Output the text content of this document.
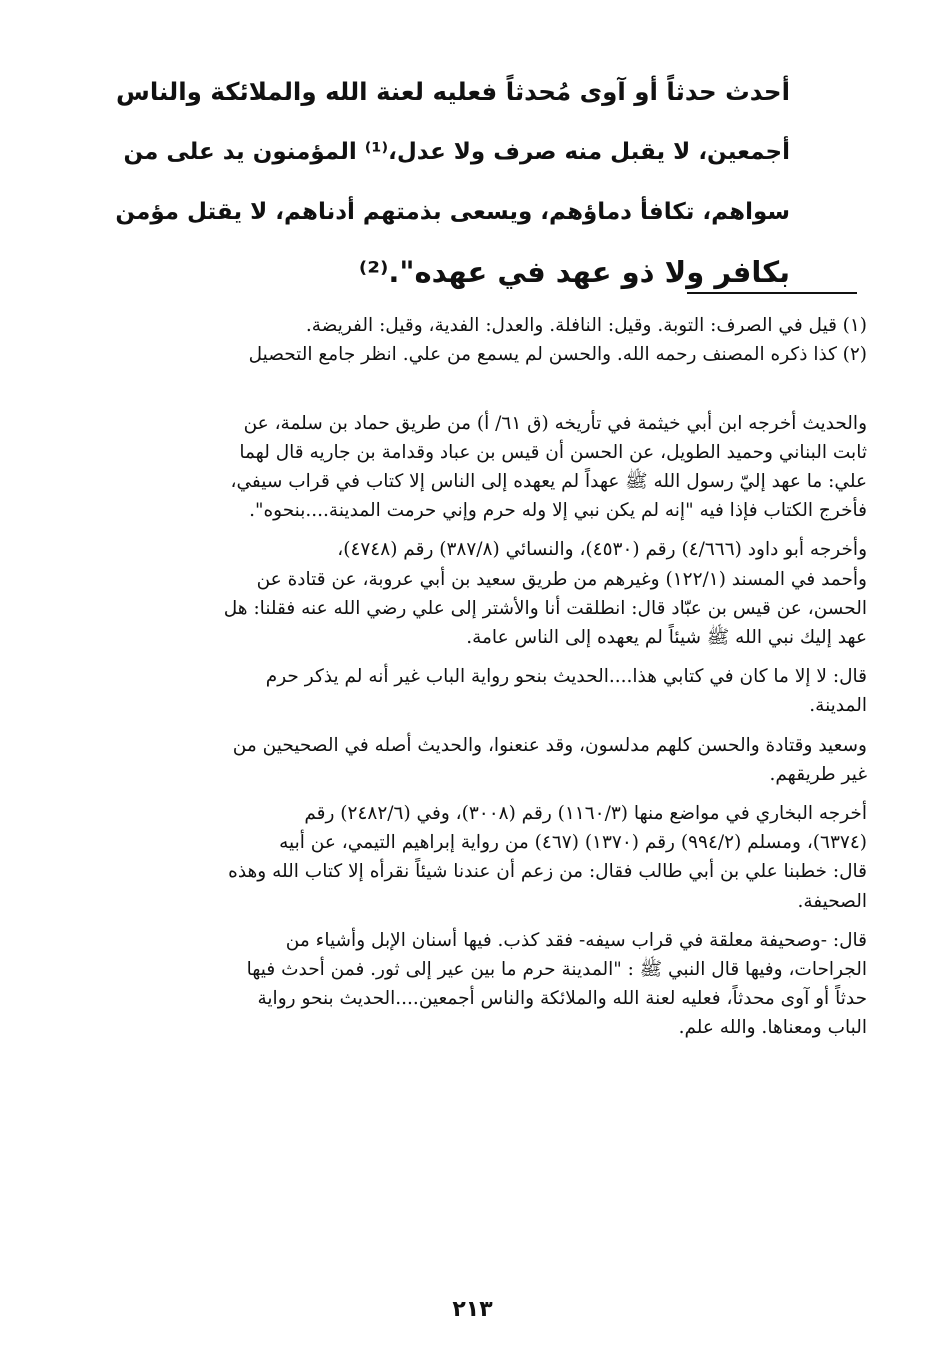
أحدث حدثاً أو آوى مُحدثاً فعليه لعنة الله والملائكة والناس
أجمعين، لا يقبل منه صرف ولا عدل،⁽¹⁾ المؤمنون يد على من
سواهم، تكافأ دماؤهم، ويسعى بذمتهم أدناهم، لا يقتل مؤمن
بكافر ولا ذو عهد في عهده".⁽²⁾
(١)قيل في الصرف: التوبة. وقيل: النافلة. والعدل: الفدية، وقيل: الفريضة.
(٢)كذا ذكره المصنف رحمه الله. والحسن لم يسمع من علي. انظر جامع التحصيل
والحديث أخرجه ابن أبي خيثمة في تأريخه (ق ٦١/ أ) من طريق حماد بن سلمة، عن
ثابت البناني وحميد الطويل، عن الحسن أن قيس بن عباد وقدامة بن جاريه قال لهما
علي: ما عهد إليّ رسول الله ﷺ عهداً لم يعهده إلى الناس إلا كتاب في قراب سيفي،
فأخرج الكتاب فإذا فيه "إنه لم يكن نبي إلا وله حرم وإني حرمت المدينة....بنحوه".
وأخرجه أبو داود (٤/٦٦٦) رقم (٤٥٣٠)، والنسائي (٣٨٧/٨) رقم (٤٧٤٨)،
وأحمد في المسند (١٢٢/١) وغيرهم من طريق سعيد بن أبي عروبة، عن قتادة عن
الحسن، عن قيس بن عبّاد قال: انطلقت أنا والأشتر إلى علي رضي الله عنه فقلنا: هل
عهد إليك نبي الله ﷺ شيئاً لم يعهده إلى الناس عامة.
قال: لا إلا ما كان في كتابي هذا....الحديث بنحو رواية الباب غير أنه لم يذكر حرم
المدينة.
وسعيد وقتادة والحسن كلهم مدلسون، وقد عنعنوا، والحديث أصله في الصحيحين من
غير طريقهم.
أخرجه البخاري في مواضع منها (١١٦٠/٣) رقم (٣٠٠٨)، وفي (٢٤٨٢/٦) رقم
(٦٣٧٤)، ومسلم (٩٩٤/٢) رقم (١٣٧٠) (٤٦٧) من رواية إبراهيم التيمي، عن أبيه
قال: خطبنا علي بن أبي طالب فقال: من زعم أن عندنا شيئاً نقرأه إلا كتاب الله وهذه
الصحيفة.
قال: -وصحيفة معلقة في قراب سيفه- فقد كذب. فيها أسنان الإبل وأشياء من
الجراحات، وفيها قال النبي ﷺ : "المدينة حرم ما بين عير إلى ثور. فمن أحدث فيها
حدثاً أو آوى محدثاً، فعليه لعنة الله والملائكة والناس أجمعين....الحديث بنحو رواية
الباب ومعناها. والله علم.
٢١٣
